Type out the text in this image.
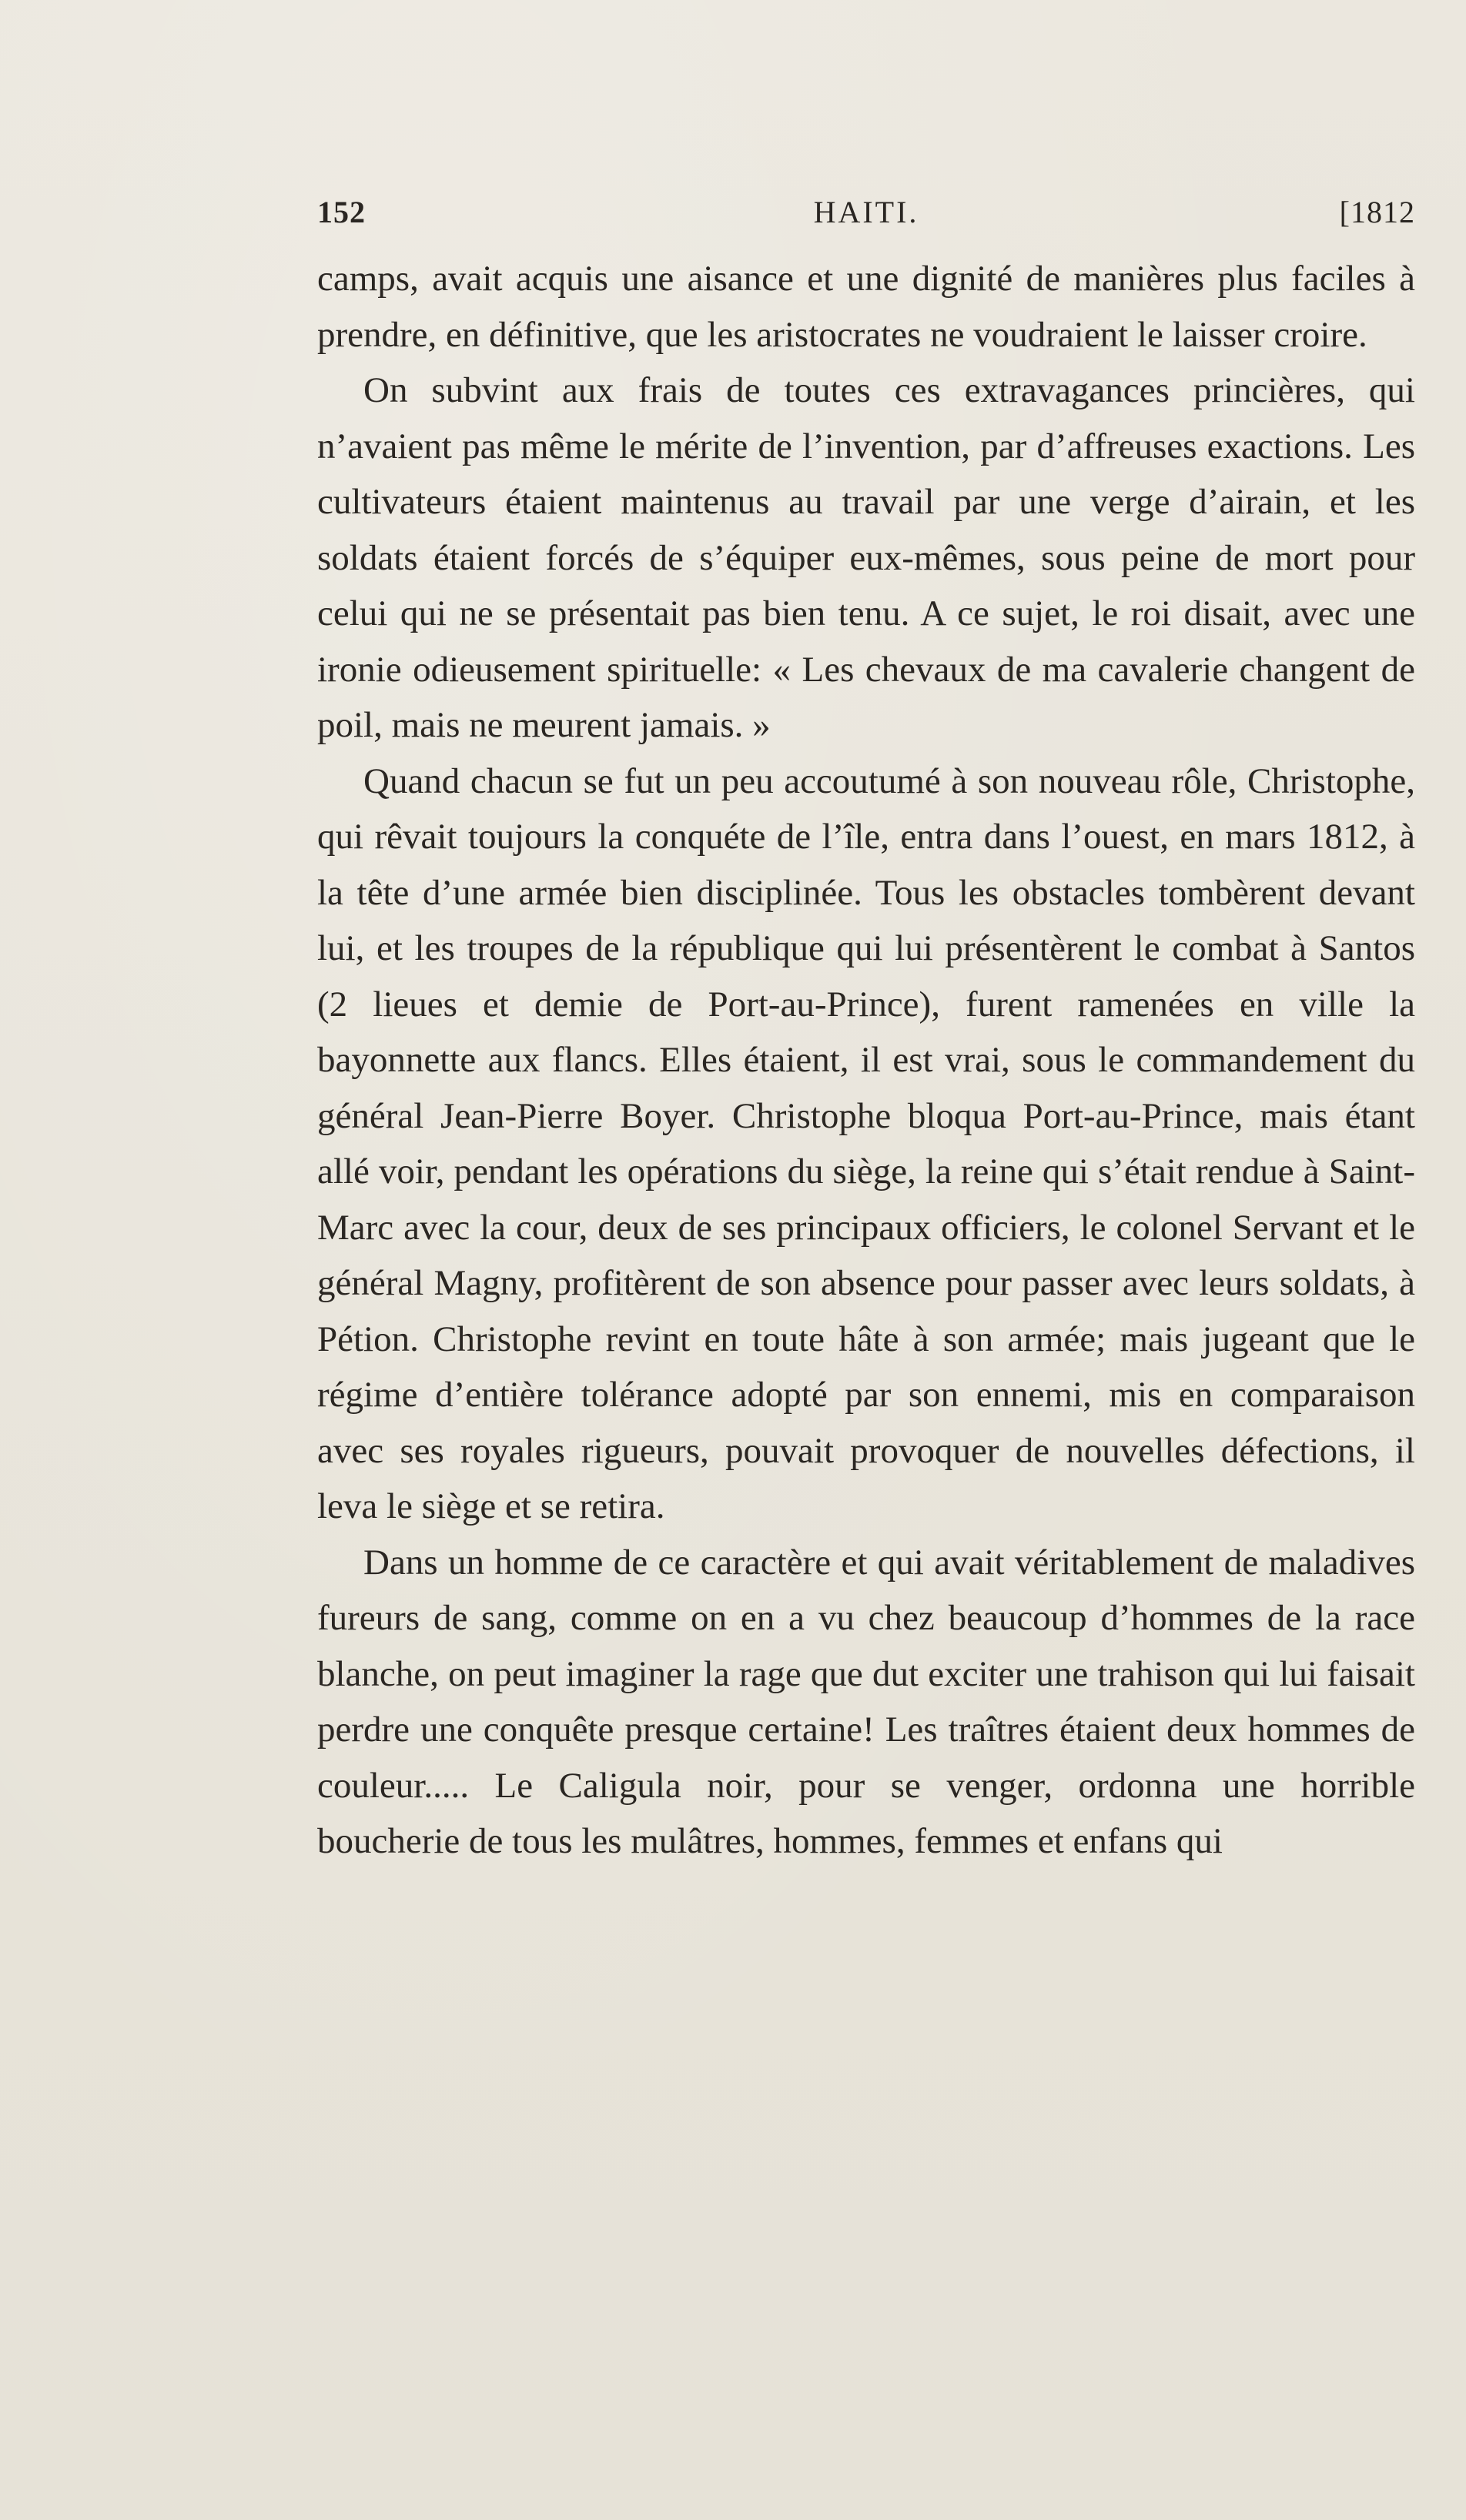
152	HAITI.	[1812

camps, avait acquis une aisance et une dignité de manières plus faciles à prendre, en définitive, que les aristocrates ne voudraient le laisser croire.

On subvint aux frais de toutes ces extravagances princières, qui n’avaient pas même le mérite de l’invention, par d’affreuses exactions. Les cultivateurs étaient maintenus au travail par une verge d’airain, et les soldats étaient forcés de s’équiper eux-mêmes, sous peine de mort pour celui qui ne se présentait pas bien tenu. A ce sujet, le roi disait, avec une ironie odieusement spirituelle: « Les chevaux de ma cavalerie changent de poil, mais ne meurent jamais. »

Quand chacun se fut un peu accoutumé à son nouveau rôle, Christophe, qui rêvait toujours la conquéte de l’île, entra dans l’ouest, en mars 1812, à la tête d’une armée bien disciplinée. Tous les obstacles tombèrent devant lui, et les troupes de la république qui lui présentèrent le combat à Santos (2 lieues et demie de Port-au-Prince), furent ramenées en ville la bayonnette aux flancs. Elles étaient, il est vrai, sous le commandement du général Jean-Pierre Boyer. Christophe bloqua Port-au-Prince, mais étant allé voir, pendant les opérations du siège, la reine qui s’était rendue à Saint-Marc avec la cour, deux de ses principaux officiers, le colonel Servant et le général Magny, profitèrent de son absence pour passer avec leurs soldats, à Pétion. Christophe revint en toute hâte à son armée; mais jugeant que le régime d’entière tolérance adopté par son ennemi, mis en comparaison avec ses royales rigueurs, pouvait provoquer de nouvelles défections, il leva le siège et se retira.

Dans un homme de ce caractère et qui avait véritablement de maladives fureurs de sang, comme on en a vu chez beaucoup d’hommes de la race blanche, on peut imaginer la rage que dut exciter une trahison qui lui faisait perdre une conquête presque certaine! Les traîtres étaient deux hommes de couleur..... Le Caligula noir, pour se venger, ordonna une horrible boucherie de tous les mulâtres, hommes, femmes et enfans qui
